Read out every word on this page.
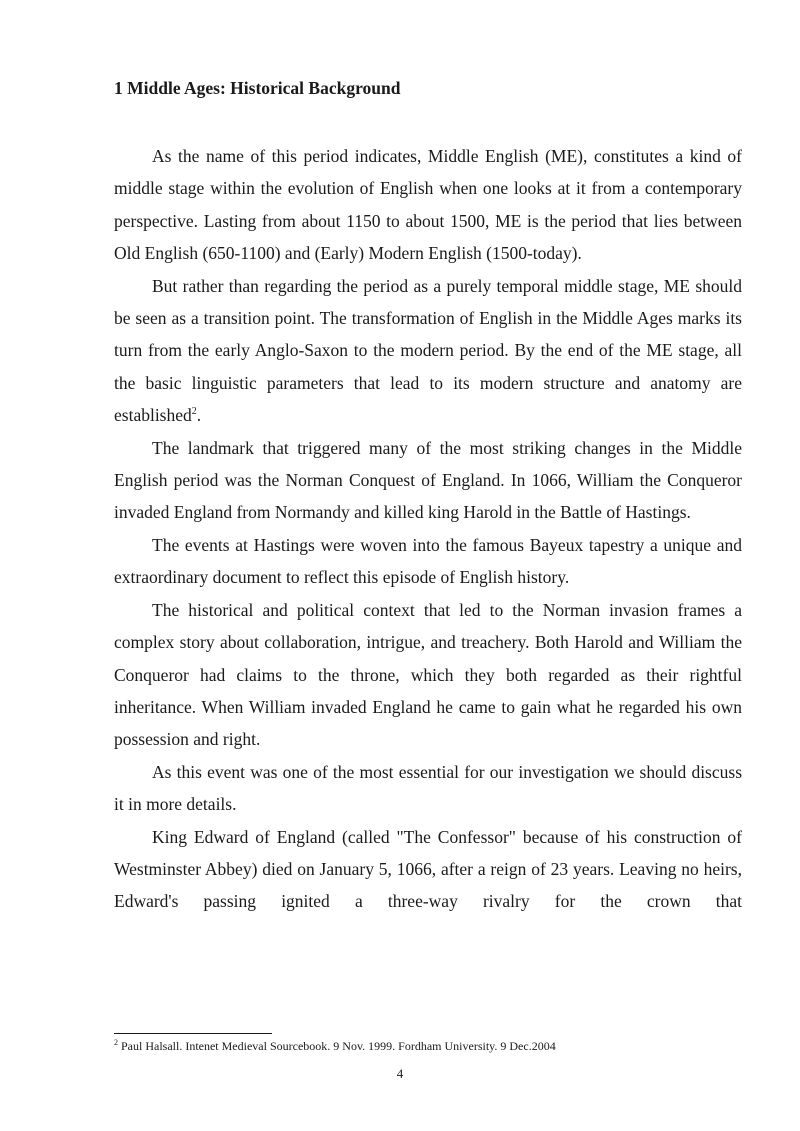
1 Middle Ages: Historical Background

As the name of this period indicates, Middle English (ME), constitutes a kind of middle stage within the evolution of English when one looks at it from a contemporary perspective. Lasting from about 1150 to about 1500, ME is the period that lies between Old English (650-1100) and (Early) Modern English (1500-today).

But rather than regarding the period as a purely temporal middle stage, ME should be seen as a transition point. The transformation of English in the Middle Ages marks its turn from the early Anglo-Saxon to the modern period. By the end of the ME stage, all the basic linguistic parameters that lead to its modern structure and anatomy are established$^2$.

The landmark that triggered many of the most striking changes in the Middle English period was the Norman Conquest of England. In 1066, William the Conqueror invaded England from Normandy and killed king Harold in the Battle of Hastings.

The events at Hastings were woven into the famous Bayeux tapestry a unique and extraordinary document to reflect this episode of English history.

The historical and political context that led to the Norman invasion frames a complex story about collaboration, intrigue, and treachery. Both Harold and William the Conqueror had claims to the throne, which they both regarded as their rightful inheritance. When William invaded England he came to gain what he regarded his own possession and right.

As this event was one of the most essential for our investigation we should discuss it in more details.

King Edward of England (called "The Confessor" because of his construction of Westminster Abbey) died on January 5, 1066, after a reign of 23 years. Leaving no heirs, Edward's passing ignited a three-way rivalry for the crown that

$^2$ Paul Halsall. Intenet Medieval Sourcebook. 9 Nov. 1999. Fordham University. 9 Dec.2004
4
